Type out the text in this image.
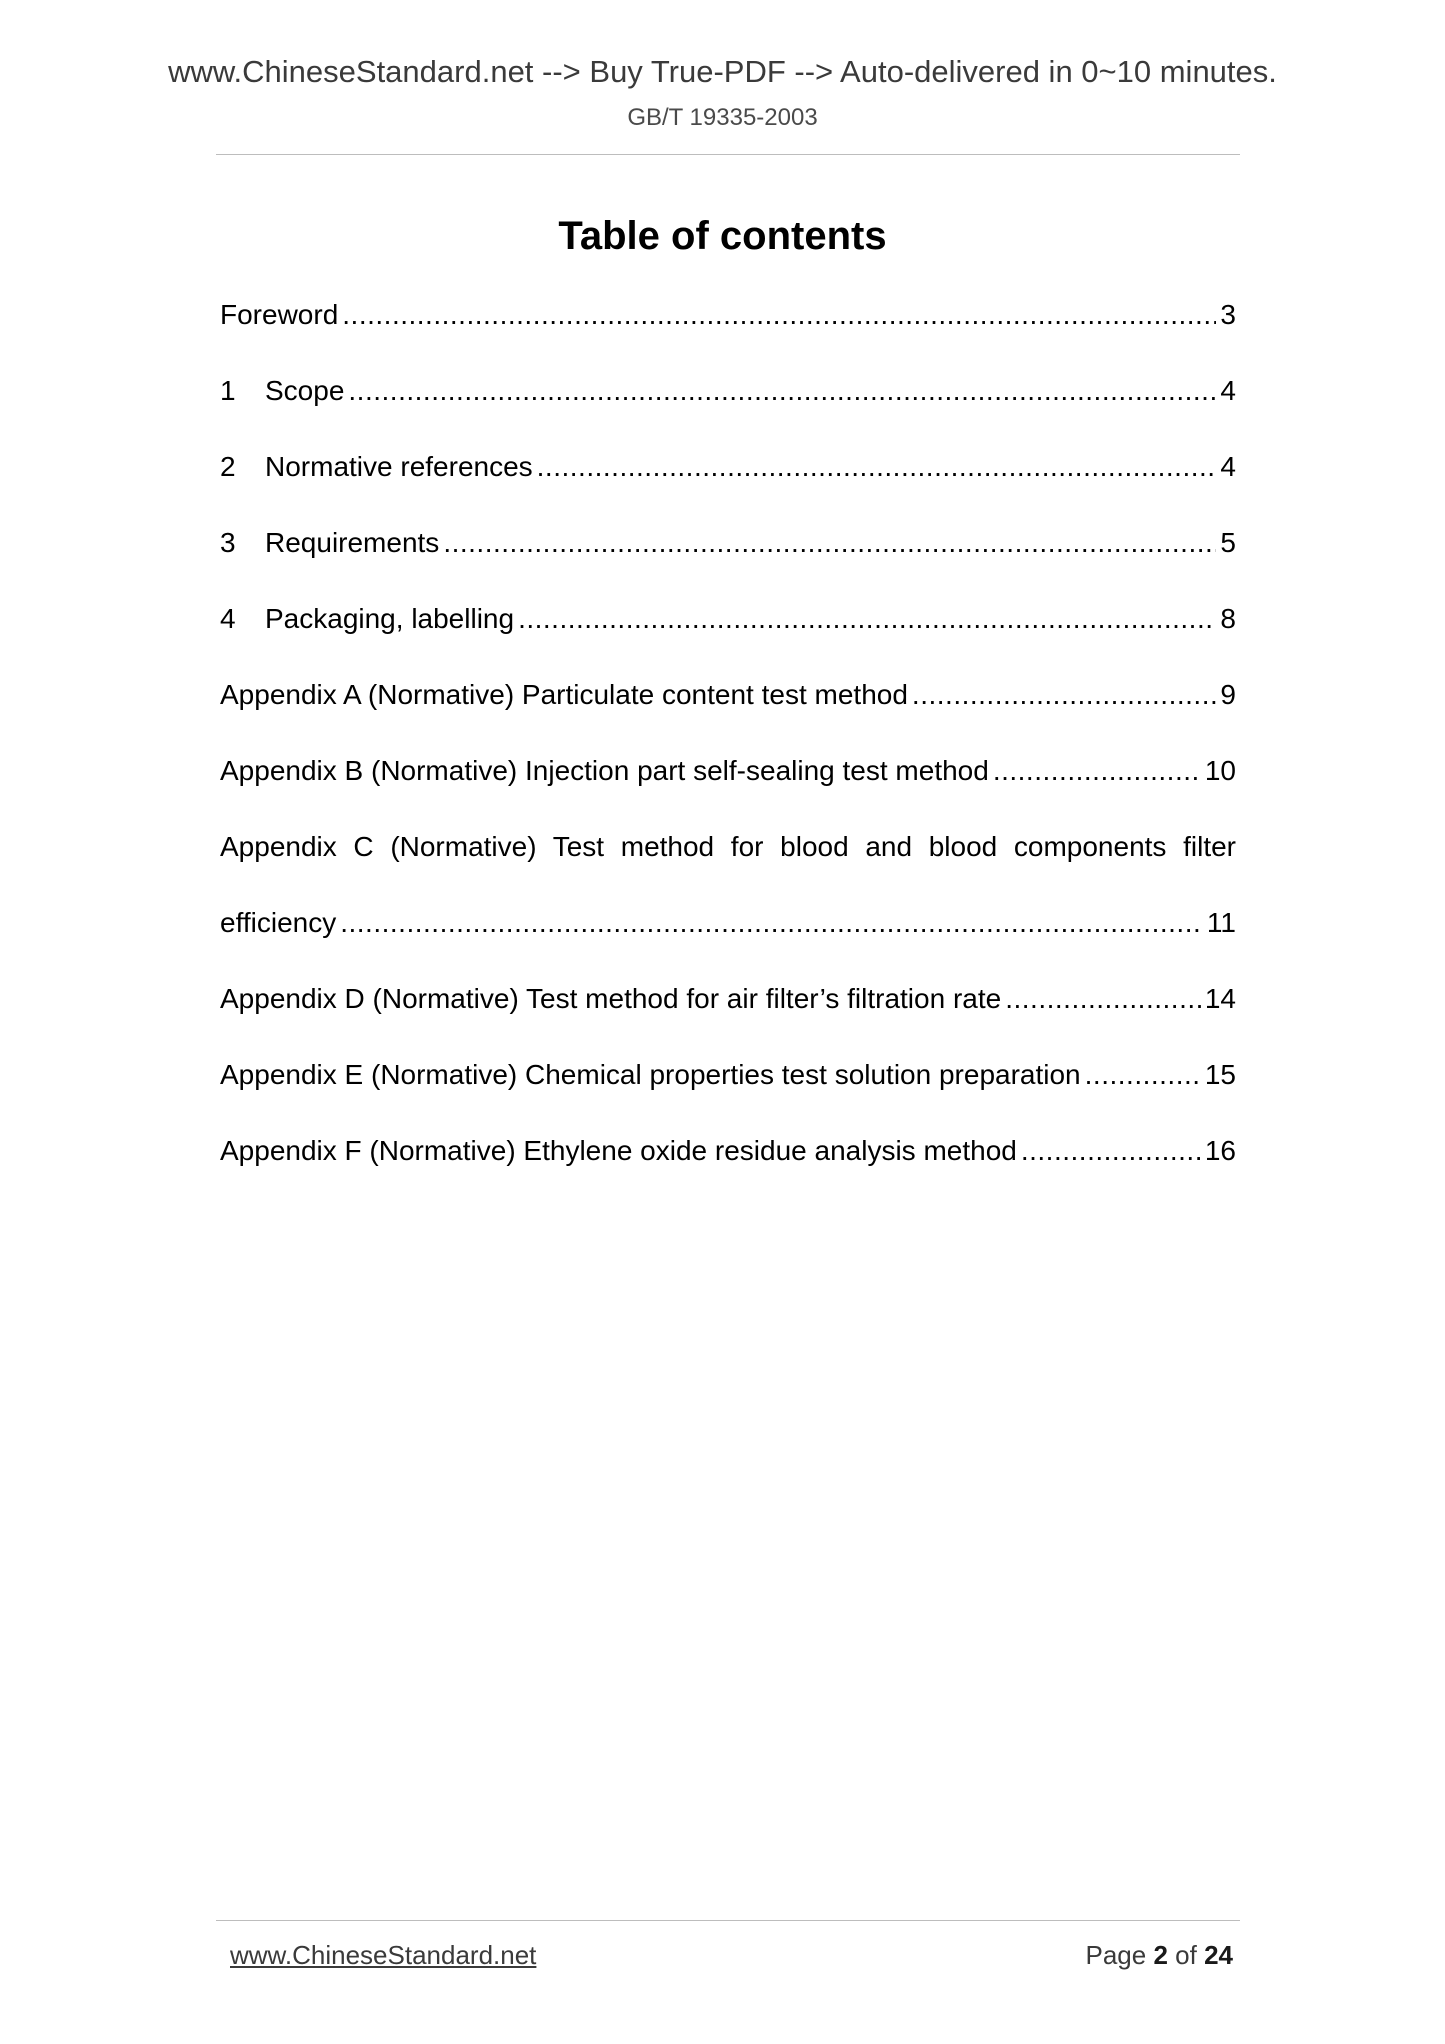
www.ChineseStandard.net --> Buy True-PDF --> Auto-delivered in 0~10 minutes.
GB/T 19335-2003
Table of contents
Foreword .....	3
1	Scope .....	4
2	Normative references .....	4
3	Requirements .....	5
4	Packaging, labelling .....	8
Appendix A (Normative) Particulate content test method .....	9
Appendix B (Normative) Injection part self-sealing test method .....	10
Appendix C (Normative) Test method for blood and blood components filter
efficiency .....	11
Appendix D (Normative) Test method for air filter’s filtration rate .....	14
Appendix E (Normative) Chemical properties test solution preparation .....	15
Appendix F (Normative) Ethylene oxide residue analysis method .....	16
www.ChineseStandard.net	Page 2 of 24
